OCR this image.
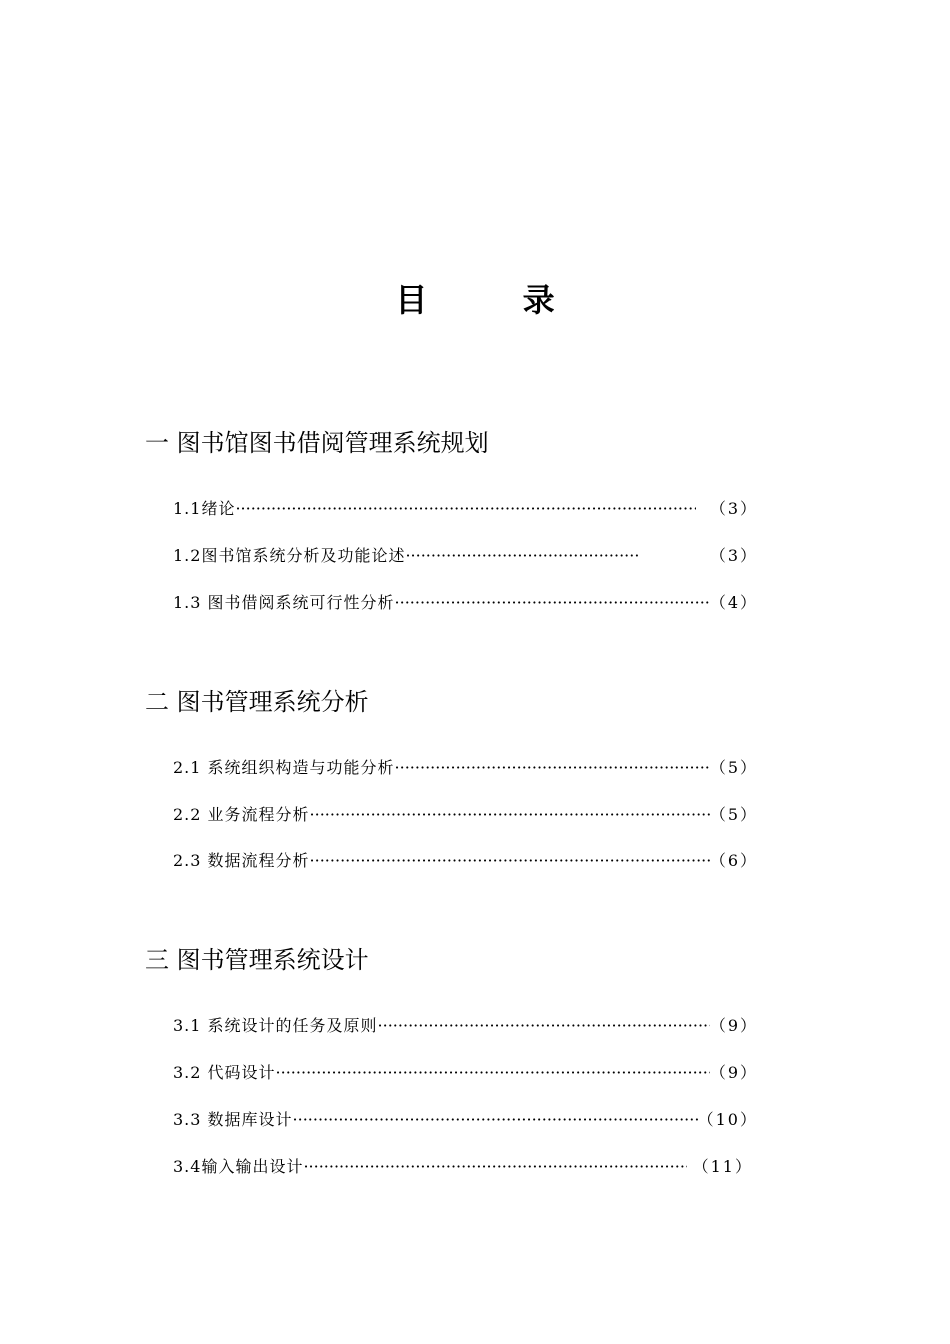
目 录
一 图书馆图书借阅管理系统规划
1.1绪论 ·····	（3）
1.2图书馆系统分析及功能论述 ·····	（3）
1.3 图书借阅系统可行性分析 ·····	（4）
二 图书管理系统分析
2.1 系统组织构造与功能分析 ·····	（5）
2.2 业务流程分析 ·····	（5）
2.3 数据流程分析 ·····	（6）
三 图书管理系统设计
3.1 系统设计的任务及原则 ·····	（9）
3.2 代码设计 ·····	（9）
3.3 数据库设计 ·····	（10）
3.4输入输出设计 ·····	（11）
